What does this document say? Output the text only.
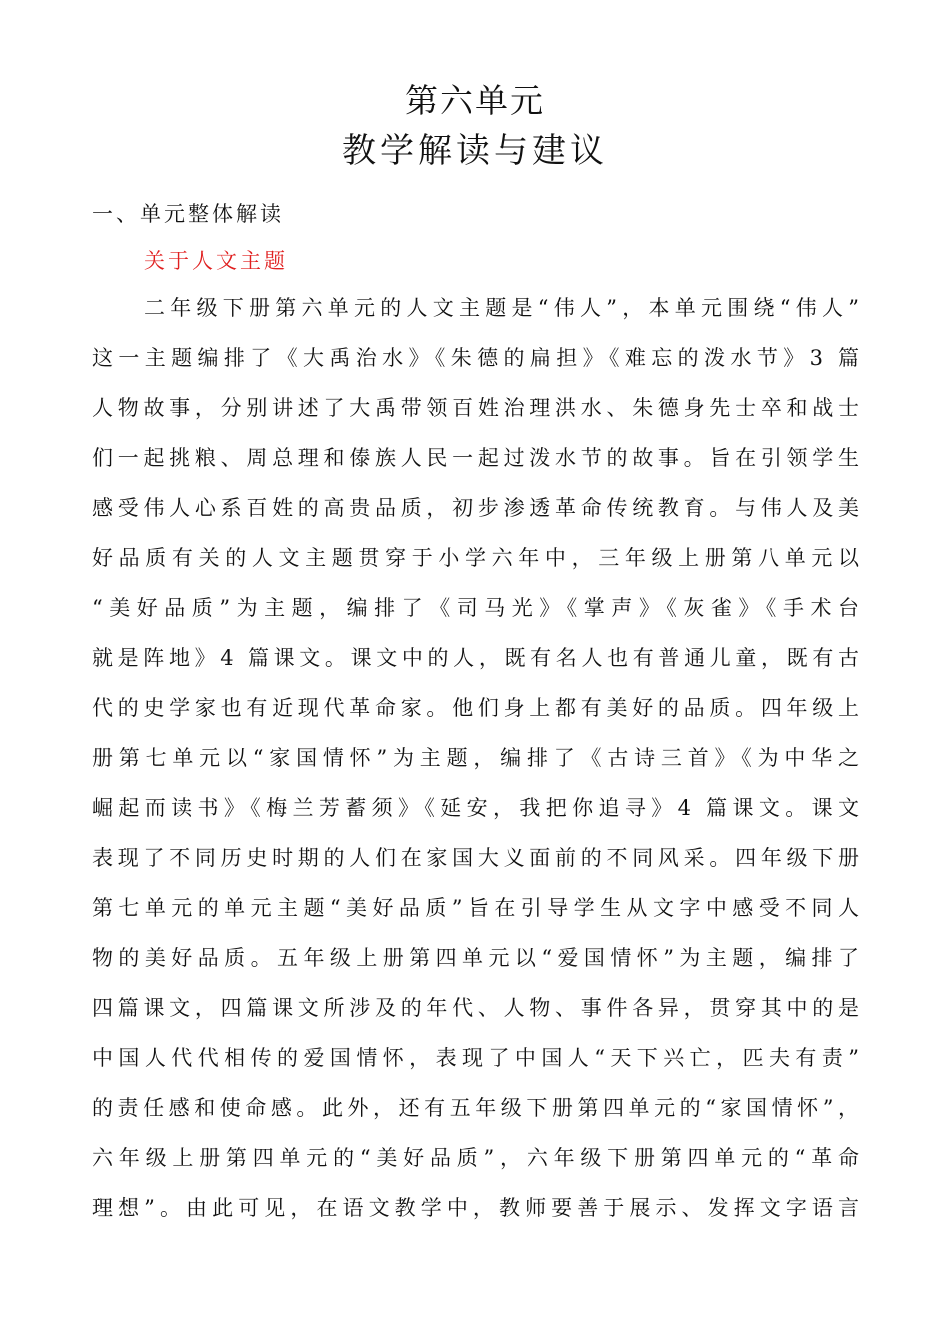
第六单元
教学解读与建议
一、单元整体解读
关于人文主题
二年级下册第六单元的人文主题是“伟人”，本单元围绕“伟人”
这一主题编排了《大禹治水》《朱德的扁担》《难忘的泼水节》3 篇
人物故事，分别讲述了大禹带领百姓治理洪水、朱德身先士卒和战士
们一起挑粮、周总理和傣族人民一起过泼水节的故事。旨在引领学生
感受伟人心系百姓的高贵品质，初步渗透革命传统教育。与伟人及美
好品质有关的人文主题贯穿于小学六年中，三年级上册第八单元以
“美好品质”为主题，编排了《司马光》《掌声》《灰雀》《手术台
就是阵地》4 篇课文。课文中的人，既有名人也有普通儿童，既有古
代的史学家也有近现代革命家。他们身上都有美好的品质。四年级上
册第七单元以“家国情怀”为主题，编排了《古诗三首》《为中华之
崛起而读书》《梅兰芳蓄须》《延安，我把你追寻》4 篇课文。课文
表现了不同历史时期的人们在家国大义面前的不同风采。四年级下册
第七单元的单元主题“美好品质”旨在引导学生从文字中感受不同人
物的美好品质。五年级上册第四单元以“爱国情怀”为主题，编排了
四篇课文，四篇课文所涉及的年代、人物、事件各异，贯穿其中的是
中国人代代相传的爱国情怀，表现了中国人“天下兴亡，匹夫有责”
的责任感和使命感。此外，还有五年级下册第四单元的“家国情怀”，
六年级上册第四单元的“美好品质”，六年级下册第四单元的“革命
理想”。由此可见，在语文教学中，教师要善于展示、发挥文字语言
